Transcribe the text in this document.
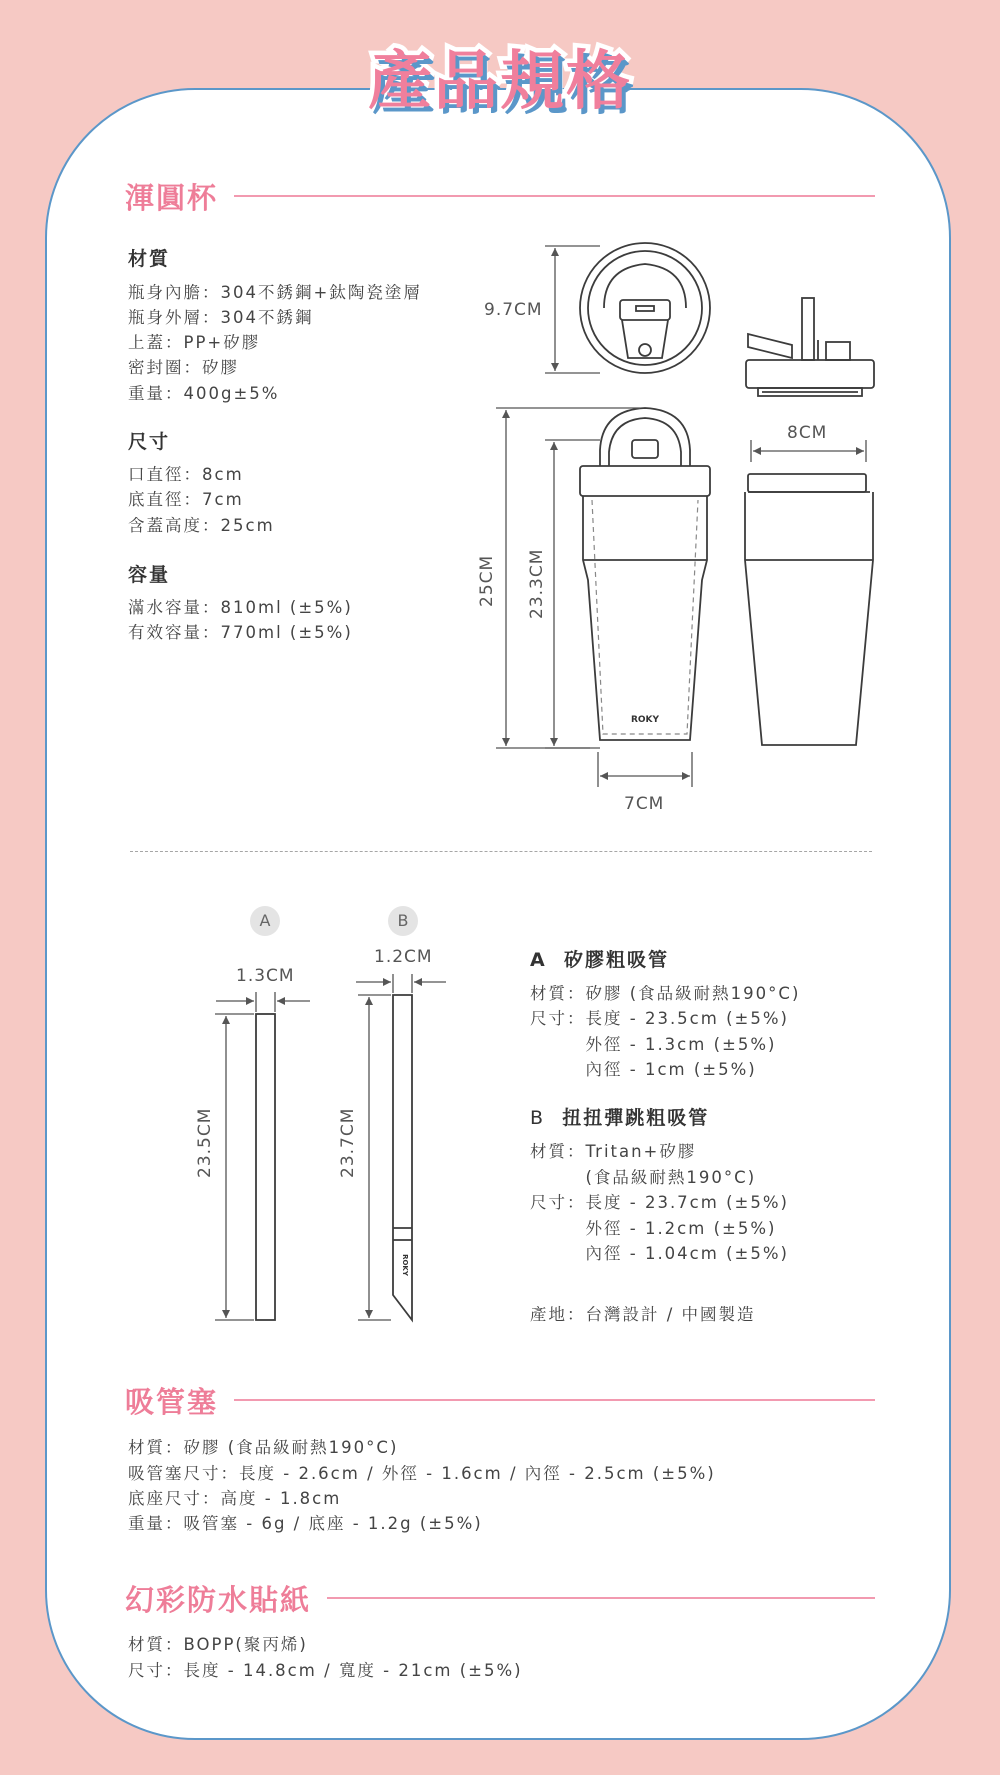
產品規格
渾圓杯
材質
瓶身內膽：304不銹鋼+鈦陶瓷塗層
瓶身外層：304不銹鋼
上蓋：PP+矽膠
密封圈：矽膠
重量：400g±5%
尺寸
口直徑：8cm
底直徑：7cm
含蓋高度：25cm
容量
滿水容量：810ml (±5%)
有效容量：770ml (±5%)
ROKY
9.7CM
8CM
25CM 23.3CM
7CM
A	B
ROKY
1.3CM
1.2CM
23.5CM	23.7CM
A 矽膠粗吸管
材質：矽膠 (食品級耐熱190°C)
尺寸：長度 - 23.5cm (±5%)
　　　外徑 - 1.3cm (±5%)
　　　內徑 - 1cm (±5%)
B 扭扭彈跳粗吸管
材質：Tritan+矽膠
　　　(食品級耐熱190°C)
尺寸：長度 - 23.7cm (±5%)
　　　外徑 - 1.2cm (±5%)
　　　內徑 - 1.04cm (±5%)
產地：台灣設計 / 中國製造
吸管塞
材質：矽膠 (食品級耐熱190°C)
吸管塞尺寸：長度 - 2.6cm / 外徑 - 1.6cm / 內徑 - 2.5cm (±5%)
底座尺寸：高度 - 1.8cm
重量：吸管塞 - 6g / 底座 - 1.2g (±5%)
幻彩防水貼紙
材質：BOPP(聚丙烯)
尺寸：長度 - 14.8cm / 寬度 - 21cm (±5%)
